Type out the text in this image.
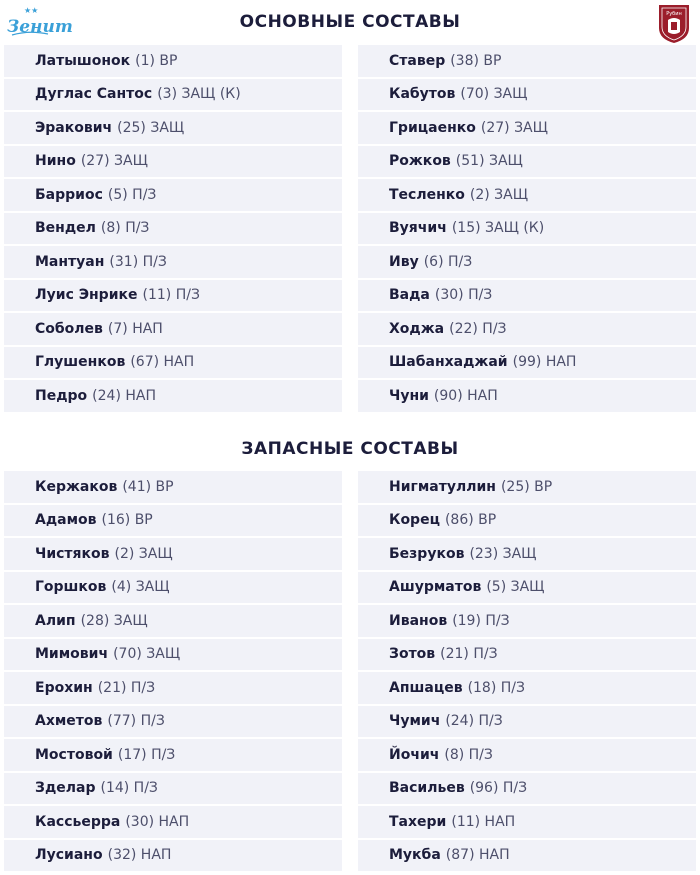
★★
Зенит	ОСНОВНЫЕ СОСТАВЫ	Рубин
Латышонок (1) ВР
Дуглас Сантос (3) ЗАЩ (К)
Эракович (25) ЗАЩ
Нино (27) ЗАЩ
Барриос (5) П/З
Вендел (8) П/З
Мантуан (31) П/З
Луис Энрике (11) П/З
Соболев (7) НАП
Глушенков (67) НАП
Педро (24) НАП
Ставер (38) ВР
Кабутов (70) ЗАЩ
Грицаенко (27) ЗАЩ
Рожков (51) ЗАЩ
Тесленко (2) ЗАЩ
Вуячич (15) ЗАЩ (К)
Иву (6) П/З
Вада (30) П/З
Ходжа (22) П/З
Шабанхаджай (99) НАП
Чуни (90) НАП
ЗАПАСНЫЕ СОСТАВЫ
Кержаков (41) ВР
Адамов (16) ВР
Чистяков (2) ЗАЩ
Горшков (4) ЗАЩ
Алип (28) ЗАЩ
Мимович (70) ЗАЩ
Ерохин (21) П/З
Ахметов (77) П/З
Мостовой (17) П/З
Зделар (14) П/З
Кассьерра (30) НАП
Лусиано (32) НАП
Нигматуллин (25) ВР
Корец (86) ВР
Безруков (23) ЗАЩ
Ашурматов (5) ЗАЩ
Иванов (19) П/З
Зотов (21) П/З
Апшацев (18) П/З
Чумич (24) П/З
Йочич (8) П/З
Васильев (96) П/З
Тахери (11) НАП
Мукба (87) НАП
